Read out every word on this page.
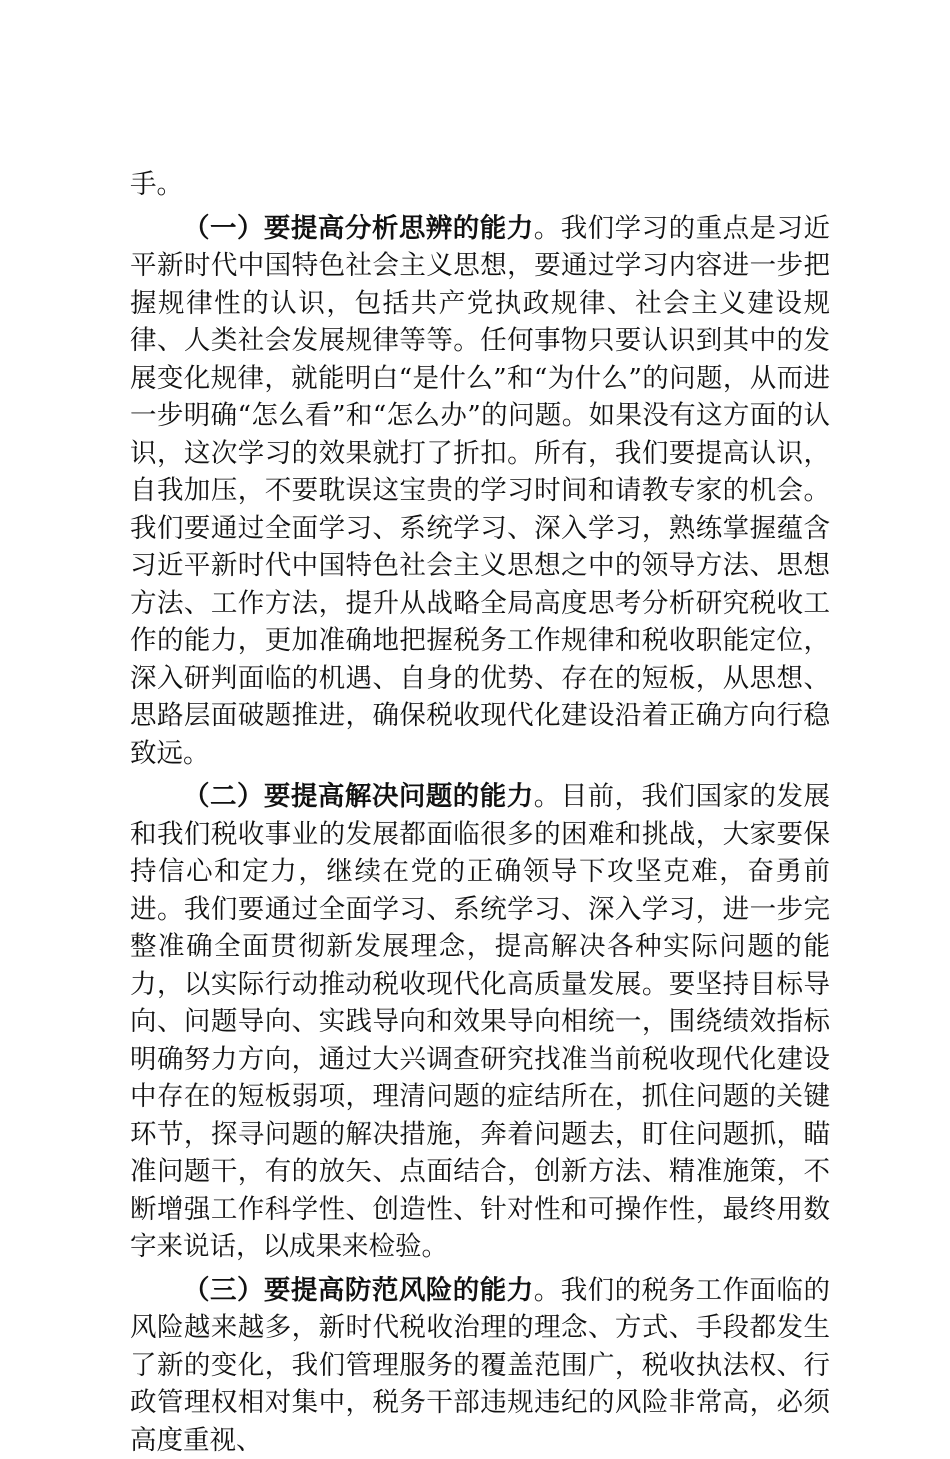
手。

（一）要提高分析思辨的能力。我们学习的重点是习近平新时代中国特色社会主义思想，要通过学习内容进一步把握规律性的认识，包括共产党执政规律、社会主义建设规律、人类社会发展规律等等。任何事物只要认识到其中的发展变化规律，就能明白“是什么”和“为什么”的问题，从而进一步明确“怎么看”和“怎么办”的问题。如果没有这方面的认识，这次学习的效果就打了折扣。所有，我们要提高认识，自我加压，不要耽误这宝贵的学习时间和请教专家的机会。我们要通过全面学习、系统学习、深入学习，熟练掌握蕴含习近平新时代中国特色社会主义思想之中的领导方法、思想方法、工作方法，提升从战略全局高度思考分析研究税收工作的能力，更加准确地把握税务工作规律和税收职能定位，深入研判面临的机遇、自身的优势、存在的短板，从思想、思路层面破题推进，确保税收现代化建设沿着正确方向行稳致远。

（二）要提高解决问题的能力。目前，我们国家的发展和我们税收事业的发展都面临很多的困难和挑战，大家要保持信心和定力，继续在党的正确领导下攻坚克难，奋勇前进。我们要通过全面学习、系统学习、深入学习，进一步完整准确全面贯彻新发展理念，提高解决各种实际问题的能力，以实际行动推动税收现代化高质量发展。要坚持目标导向、问题导向、实践导向和效果导向相统一，围绕绩效指标明确努力方向，通过大兴调查研究找准当前税收现代化建设中存在的短板弱项，理清问题的症结所在，抓住问题的关键环节，探寻问题的解决措施，奔着问题去，盯住问题抓，瞄准问题干，有的放矢、点面结合，创新方法、精准施策，不断增强工作科学性、创造性、针对性和可操作性，最终用数字来说话，以成果来检验。

（三）要提高防范风险的能力。我们的税务工作面临的风险越来越多，新时代税收治理的理念、方式、手段都发生了新的变化，我们管理服务的覆盖范围广，税收执法权、行政管理权相对集中，税务干部违规违纪的风险非常高，必须高度重视、
